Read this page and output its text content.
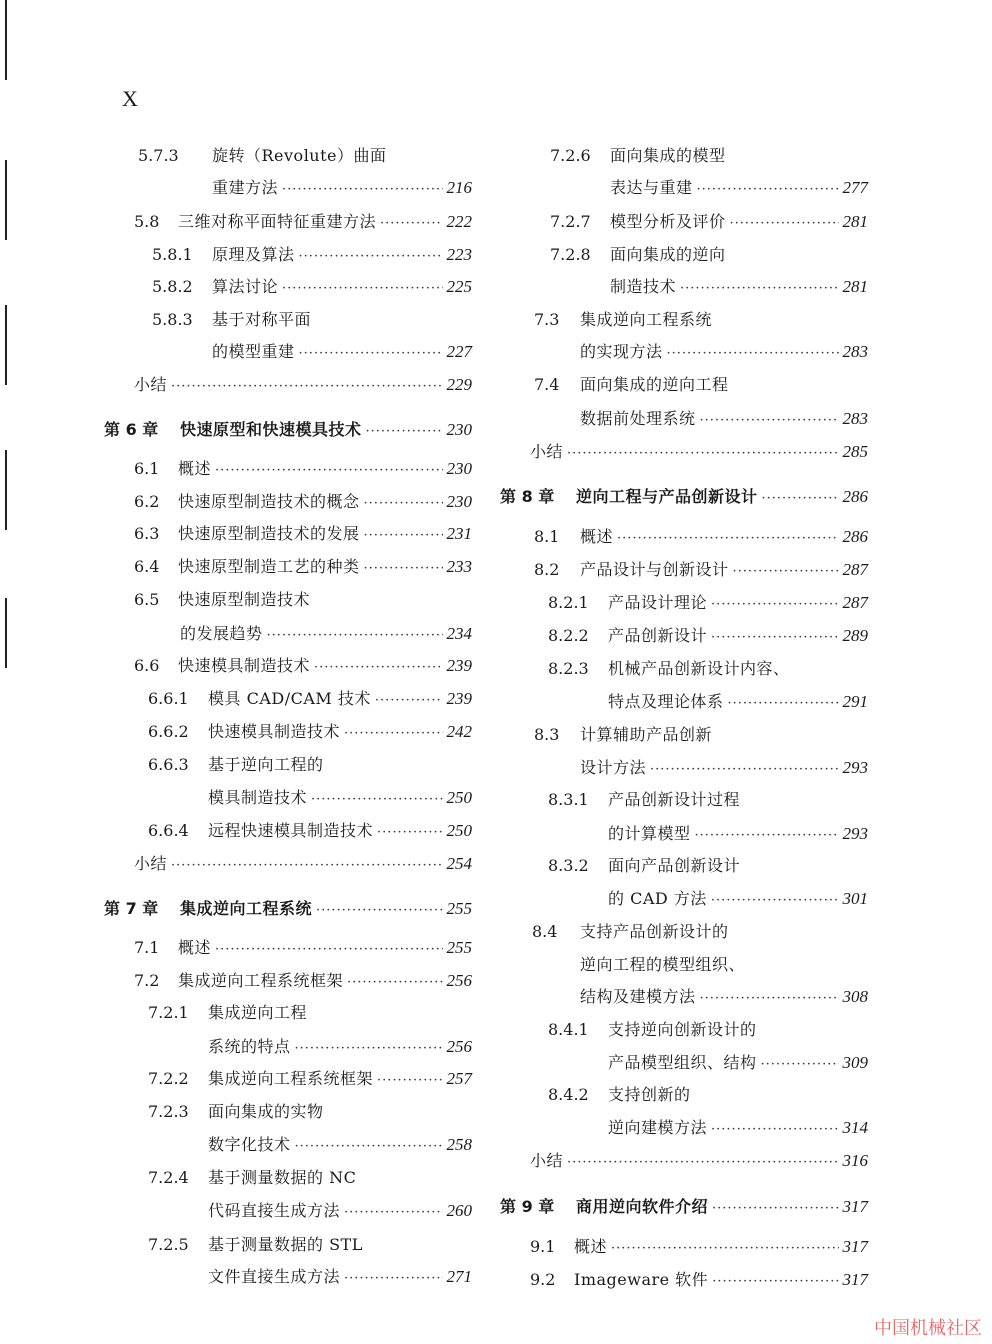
X
5.7.3 旋转（Revolute）曲面
重建方法 ·····	216
5.8 三维对称平面特征重建方法 ·····	222
5.8.1 原理及算法 ·····	223
5.8.2 算法讨论 ·····	225
5.8.3 基于对称平面
的模型重建 ·····	227
小结 ·····	229
第 6 章 快速原型和快速模具技术 ·····	230
6.1 概述 ·····	230
6.2 快速原型制造技术的概念 ·····	230
6.3 快速原型制造技术的发展 ·····	231
6.4 快速原型制造工艺的种类 ·····	233
6.5 快速原型制造技术
的发展趋势 ·····	234
6.6 快速模具制造技术 ·····	239
6.6.1 模具 CAD/CAM 技术 ·····	239
6.6.2 快速模具制造技术 ·····	242
6.6.3 基于逆向工程的
模具制造技术 ·····	250
6.6.4 远程快速模具制造技术 ·····	250
小结 ·····	254
第 7 章 集成逆向工程系统 ·····	255
7.1 概述 ·····	255
7.2 集成逆向工程系统框架 ·····	256
7.2.1 集成逆向工程
系统的特点 ·····	256
7.2.2 集成逆向工程系统框架 ·····	257
7.2.3 面向集成的实物
数字化技术 ·····	258
7.2.4 基于测量数据的 NC
代码直接生成方法 ·····	260
7.2.5 基于测量数据的 STL
文件直接生成方法 ·····	271
7.2.6 面向集成的模型
表达与重建 ·····	277
7.2.7 模型分析及评价 ·····	281
7.2.8 面向集成的逆向
制造技术 ·····	281
7.3 集成逆向工程系统
的实现方法 ·····	283
7.4 面向集成的逆向工程
数据前处理系统 ·····	283
小结 ·····	285
第 8 章 逆向工程与产品创新设计 ·····	286
8.1 概述 ·····	286
8.2 产品设计与创新设计 ·····	287
8.2.1 产品设计理论 ·····	287
8.2.2 产品创新设计 ·····	289
8.2.3 机械产品创新设计内容、
特点及理论体系 ·····	291
8.3 计算辅助产品创新
设计方法 ·····	293
8.3.1 产品创新设计过程
的计算模型 ·····	293
8.3.2 面向产品创新设计
的 CAD 方法 ·····	301
8.4 支持产品创新设计的
逆向工程的模型组织、
结构及建模方法 ·····	308
8.4.1 支持逆向创新设计的
产品模型组织、结构 ·····	309
8.4.2 支持创新的
逆向建模方法 ·····	314
小结 ·····	316
第 9 章 商用逆向软件介绍 ·····	317
9.1 概述 ·····	317
9.2 Imageware 软件 ·····	317
中国机械社区
